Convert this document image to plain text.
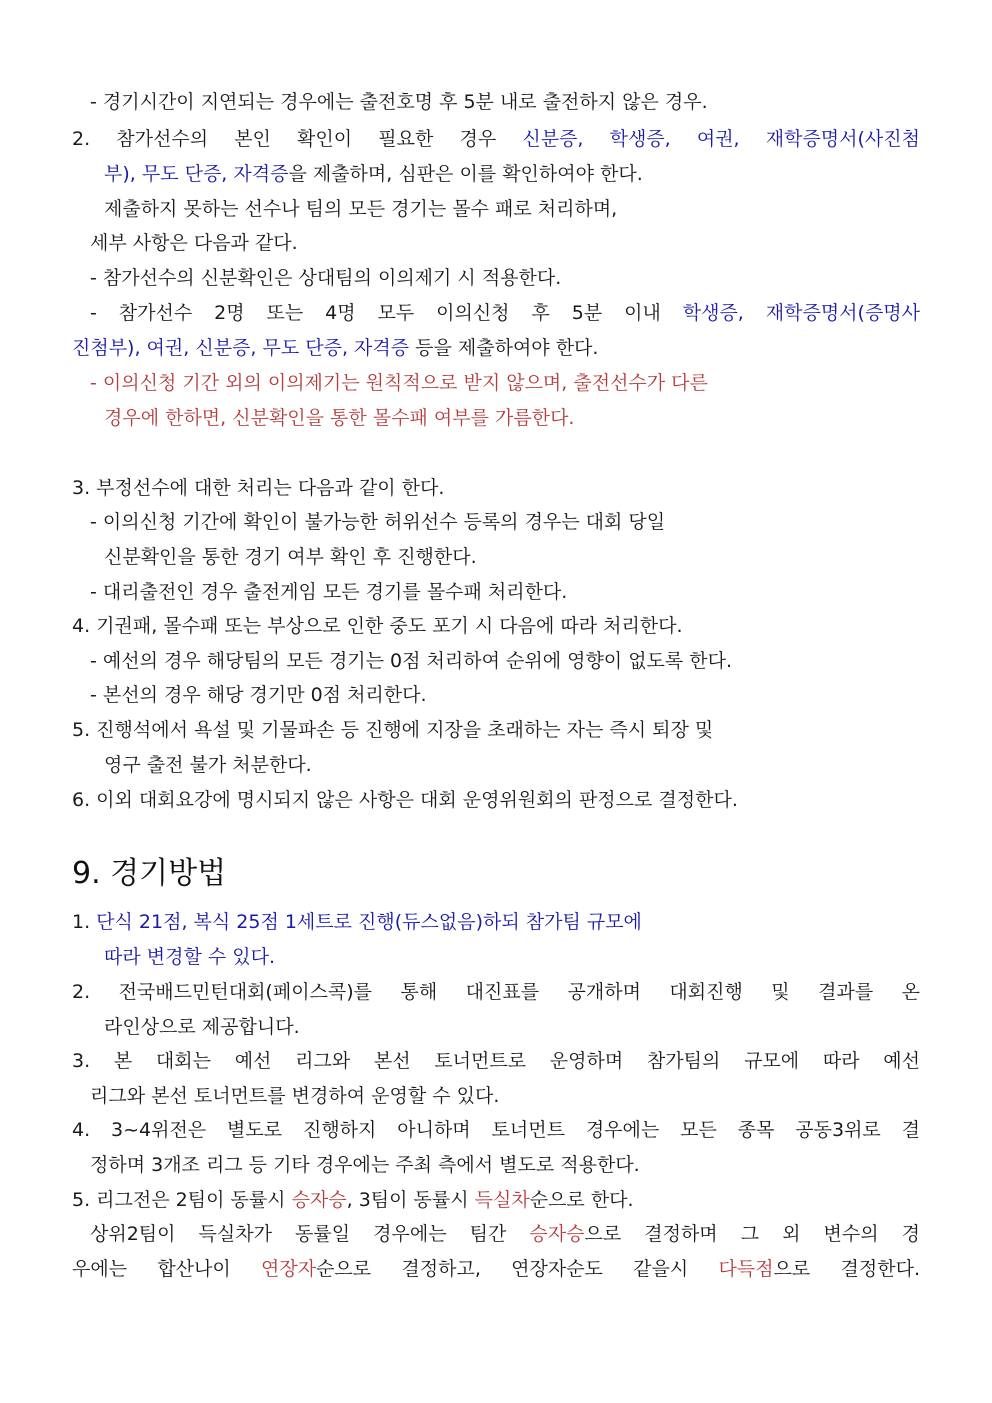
- 경기시간이 지연되는 경우에는 출전호명 후 5분 내로 출전하지 않은 경우.
2. 참가선수의 본인 확인이 필요한 경우 신분증, 학생증, 여권, 재학증명서(사진첨
부), 무도 단증, 자격증을 제출하며, 심판은 이를 확인하여야 한다.
제출하지 못하는 선수나 팀의 모든 경기는 몰수 패로 처리하며,
세부 사항은 다음과 같다.
- 참가선수의 신분확인은 상대팀의 이의제기 시 적용한다.
- 참가선수 2명 또는 4명 모두 이의신청 후 5분 이내 학생증, 재학증명서(증명사
진첨부), 여권, 신분증, 무도 단증, 자격증 등을 제출하여야 한다.
- 이의신청 기간 외의 이의제기는 원칙적으로 받지 않으며, 출전선수가 다른
경우에 한하면, 신분확인을 통한 몰수패 여부를 가름한다.
3. 부정선수에 대한 처리는 다음과 같이 한다.
- 이의신청 기간에 확인이 불가능한 허위선수 등록의 경우는 대회 당일
신분확인을 통한 경기 여부 확인 후 진행한다.
- 대리출전인 경우 출전게임 모든 경기를 몰수패 처리한다.
4. 기권패, 몰수패 또는 부상으로 인한 중도 포기 시 다음에 따라 처리한다.
- 예선의 경우 해당팀의 모든 경기는 0점 처리하여 순위에 영향이 없도록 한다.
- 본선의 경우 해당 경기만 0점 처리한다.
5. 진행석에서 욕설 및 기물파손 등 진행에 지장을 초래하는 자는 즉시 퇴장 및
영구 출전 불가 처분한다.
6. 이외 대회요강에 명시되지 않은 사항은 대회 운영위원회의 판정으로 결정한다.
9. 경기방법
1. 단식 21점, 복식 25점 1세트로 진행(듀스없음)하되 참가팀 규모에
따라 변경할 수 있다.
2. 전국배드민턴대회(페이스콕)를 통해 대진표를 공개하며 대회진행 및 결과를 온
라인상으로 제공합니다.
3. 본 대회는 예선 리그와 본선 토너먼트로 운영하며 참가팀의 규모에 따라 예선
리그와 본선 토너먼트를 변경하여 운영할 수 있다.
4. 3~4위전은 별도로 진행하지 아니하며 토너먼트 경우에는 모든 종목 공동3위로 결
정하며 3개조 리그 등 기타 경우에는 주최 측에서 별도로 적용한다.
5. 리그전은 2팀이 동률시 승자승, 3팀이 동률시 득실차순으로 한다.
상위2팀이 득실차가 동률일 경우에는 팀간 승자승으로 결정하며 그 외 변수의 경
우에는 합산나이 연장자순으로 결정하고, 연장자순도 같을시 다득점으로 결정한다.
